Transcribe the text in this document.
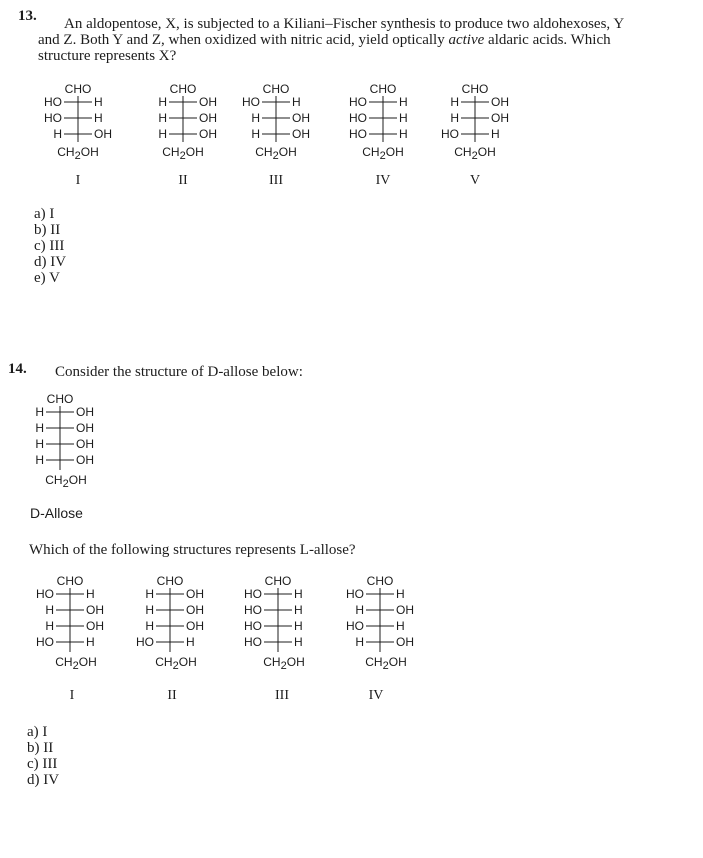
13.	An aldopentose, X, is subjected to a Kiliani–Fischer synthesis to produce two aldohexoses, Y
and Z. Both Y and Z, when oxidized with nitric acid, yield optically active aldaric acids. Which
structure represents X?
CHO
HO	H
HO	H
H	OH
CH2OH
CHO
H	OH
H	OH
H	OH
CH2OH
CHO
HO	H
H	OH
H	OH
CH2OH
CHO
HO	H
HO	H
HO	H
CH2OH
CHO
H	OH
H	OH
HO	H
CH2OH
I	II	III	IV	V
a) I
b) II
c) III
d) IV
e) V
14. Consider the structure of D-allose below:
CHO
H	OH
H	OH
H	OH
H	OH
CH2OH
D-Allose
Which of the following structures represents L-allose?
CHO
HO	H
H	OH
H	OH
HO	H
CH2OH
CHO
H	OH
H	OH
H	OH
HO	H
CH2OH
CHO
HO	H
HO	H
HO	H
HO	H
CH2OH
CHO
HO	H
H	OH
HO	H
H	OH
CH2OH
I	II	III	IV
a) I
b) II
c) III
d) IV
